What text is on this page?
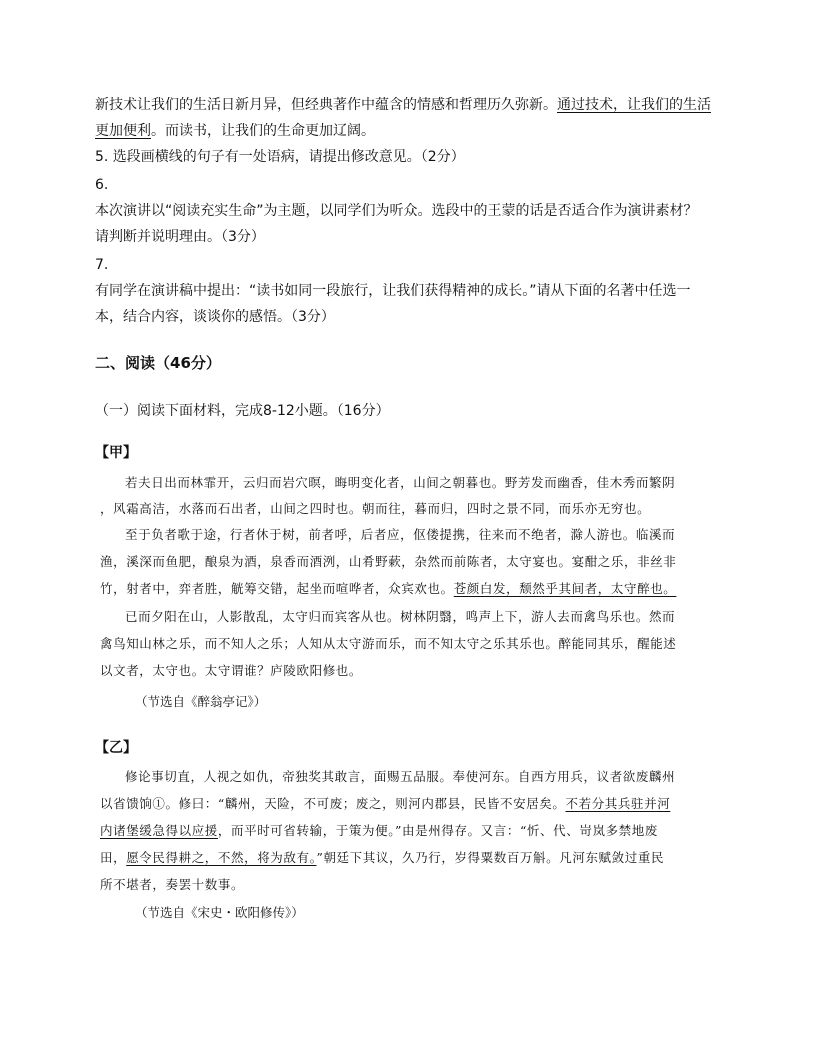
新技术让我们的生活日新月异，但经典著作中蕴含的情感和哲理历久弥新。通过技术，让我们的生活
更加便利。而读书，让我们的生命更加辽阔。
5. 选段画横线的句子有一处语病，请提出修改意见。（2分）
6.
本次演讲以“阅读充实生命”为主题，以同学们为听众。选段中的王蒙的话是否适合作为演讲素材？
请判断并说明理由。（3分）
7.
有同学在演讲稿中提出：“读书如同一段旅行，让我们获得精神的成长。”请从下面的名著中任选一
本，结合内容，谈谈你的感悟。（3分）
二、阅读（46分）
（一）阅读下面材料，完成8-12小题。（16分）
【甲】
若夫日出而林霏开，云归而岩穴暝，晦明变化者，山间之朝暮也。野芳发而幽香，佳木秀而繁阴
，风霜高洁，水落而石出者，山间之四时也。朝而往，暮而归，四时之景不同，而乐亦无穷也。
至于负者歌于途，行者休于树，前者呼，后者应，伛偻提携，往来而不绝者，滁人游也。临溪而
渔，溪深而鱼肥，酿泉为酒，泉香而酒洌，山肴野蔌，杂然而前陈者，太守宴也。宴酣之乐，非丝非
竹，射者中，弈者胜，觥筹交错，起坐而喧哗者，众宾欢也。苍颜白发，颓然乎其间者，太守醉也。
已而夕阳在山，人影散乱，太守归而宾客从也。树林阴翳，鸣声上下，游人去而禽鸟乐也。然而
禽鸟知山林之乐，而不知人之乐；人知从太守游而乐，而不知太守之乐其乐也。醉能同其乐，醒能述
以文者，太守也。太守谓谁？庐陵欧阳修也。
（节选自《醉翁亭记》）
【乙】
修论事切直，人视之如仇，帝独奖其敢言，面赐五品服。奉使河东。自西方用兵，议者欲废麟州
以省馈饷①。修曰：“麟州，天险，不可废；废之，则河内郡县，民皆不安居矣。不若分其兵驻并河
内诸堡缓急得以应援，而平时可省转输，于策为便。”由是州得存。又言：“忻、代、岢岚多禁地废
田，愿令民得耕之，不然，将为敌有。”朝廷下其议，久乃行，岁得粟数百万斛。凡河东赋敛过重民
所不堪者，奏罢十数事。
（节选自《宋史・欧阳修传》）
